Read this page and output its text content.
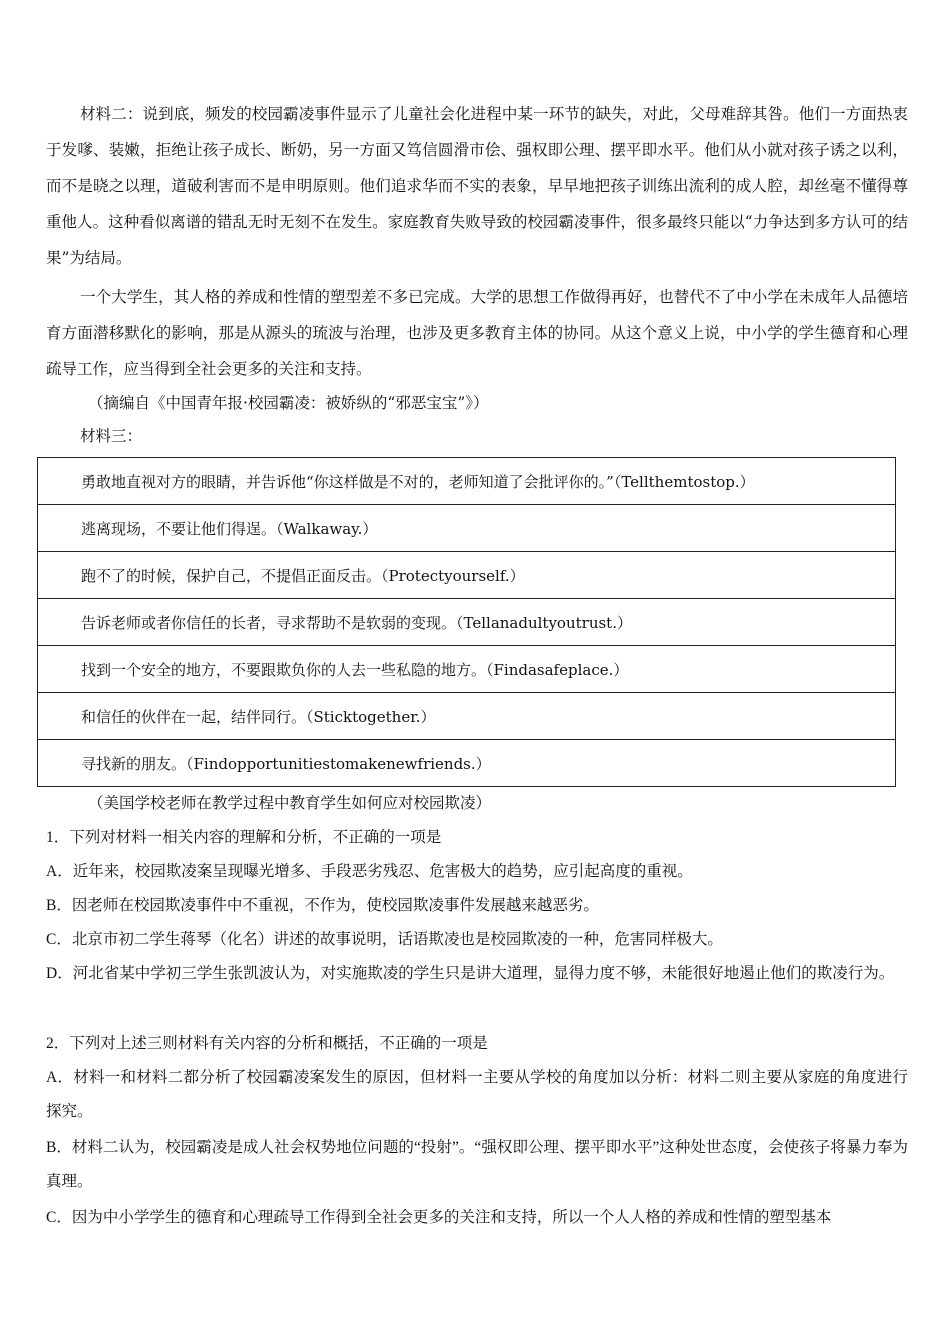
材料二：说到底，频发的校园霸凌事件显示了儿童社会化进程中某一环节的缺失，对此，父母难辞其咎。他们一方面热衷于发嗲、装嫩，拒绝让孩子成长、断奶，另一方面又笃信圆滑市侩、强权即公理、摆平即水平。他们从小就对孩子诱之以利，而不是晓之以理，道破利害而不是申明原则。他们追求华而不实的表象，早早地把孩子训练出流利的成人腔，却丝毫不懂得尊重他人。这种看似离谱的错乱无时无刻不在发生。家庭教育失败导致的校园霸凌事件，很多最终只能以“力争达到多方认可的结果”为结局。

一个大学生，其人格的养成和性情的塑型差不多已完成。大学的思想工作做得再好，也替代不了中小学在未成年人品德培育方面潜移默化的影响，那是从源头的琉波与治理，也涉及更多教育主体的协同。从这个意义上说，中小学的学生德育和心理疏导工作，应当得到全社会更多的关注和支持。

（摘编自《中国青年报·校园霸凌：被娇纵的“邪恶宝宝”》）

材料三：

勇敢地直视对方的眼睛，并告诉他“你这样做是不对的，老师知道了会批评你的。”（Tellthemtostop.）
逃离现场，不要让他们得逞。（Walkaway.）
跑不了的时候，保护自己，不提倡正面反击。（Protectyourself.）
告诉老师或者你信任的长者，寻求帮助不是软弱的变现。（Tellanadultyoutrust.）
找到一个安全的地方，不要跟欺负你的人去一些私隐的地方。（Findasafeplace.）
和信任的伙伴在一起，结伴同行。（Sticktogether.）
寻找新的朋友。（Findopportunitiestomakenewfriends.）

（美国学校老师在教学过程中教育学生如何应对校园欺凌）

1．下列对材料一相关内容的理解和分析，不正确的一项是

A．近年来，校园欺凌案呈现曝光增多、手段恶劣残忍、危害极大的趋势，应引起高度的重视。

B．因老师在校园欺凌事件中不重视，不作为，使校园欺凌事件发展越来越恶劣。

C．北京市初二学生蒋琴（化名）讲述的故事说明，话语欺凌也是校园欺凌的一种，危害同样极大。

D．河北省某中学初三学生张凯波认为，对实施欺凌的学生只是讲大道理，显得力度不够，未能很好地遏止他们的欺凌行为。

2．下列对上述三则材料有关内容的分析和概括，不正确的一项是

A．材料一和材料二都分析了校园霸凌案发生的原因，但材料一主要从学校的角度加以分析：材料二则主要从家庭的角度进行探究。

B．材料二认为，校园霸凌是成人社会权势地位问题的“投射”。“强权即公理、摆平即水平”这种处世态度，会使孩子将暴力奉为真理。

C．因为中小学学生的德育和心理疏导工作得到全社会更多的关注和支持，所以一个人人格的养成和性情的塑型基本
